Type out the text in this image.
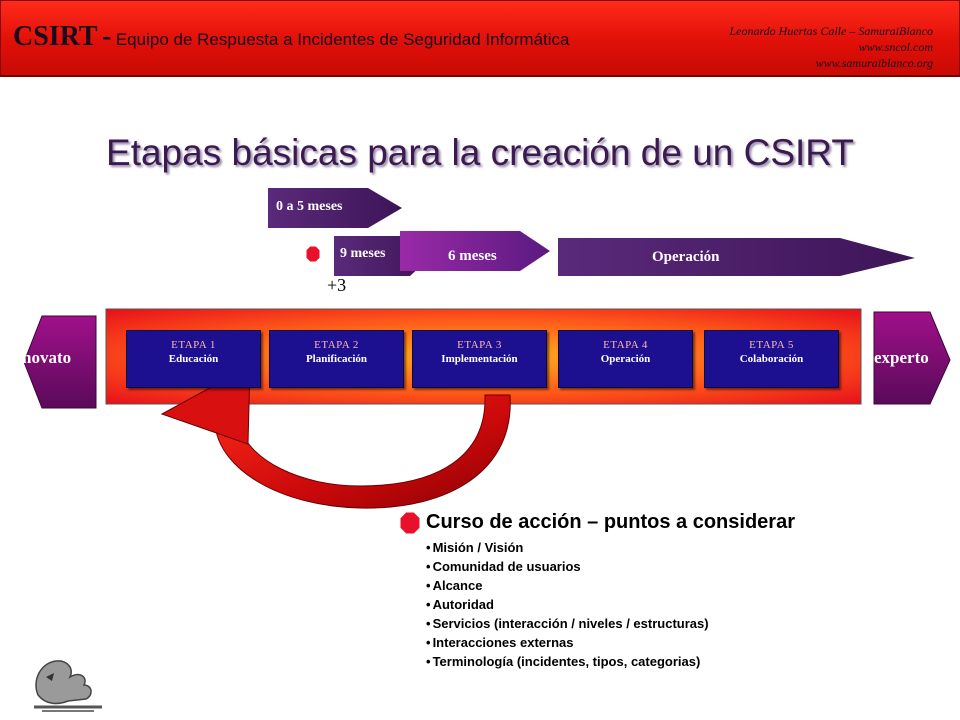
CSIRT - Equipo de Respuesta a Incidentes de Seguridad Informática	Leonardo Huertas Calle – SamuraiBlanco
www.sncol.com
www.samuraiblanco.org
Etapas básicas para la creación de un CSIRT
0 a 5 meses
9 meses	6 meses	Operación
+3
novato	experto
ETAPA 1
Educación
ETAPA 2
Planificación
ETAPA 3
Implementación
ETAPA 4
Operación
ETAPA 5
Colaboración
Curso de acción – puntos a considerar
• Misión / Visión
• Comunidad de usuarios
• Alcance
• Autoridad
• Servicios (interacción / niveles / estructuras)
• Interacciones externas
• Terminología (incidentes, tipos, categorias)
